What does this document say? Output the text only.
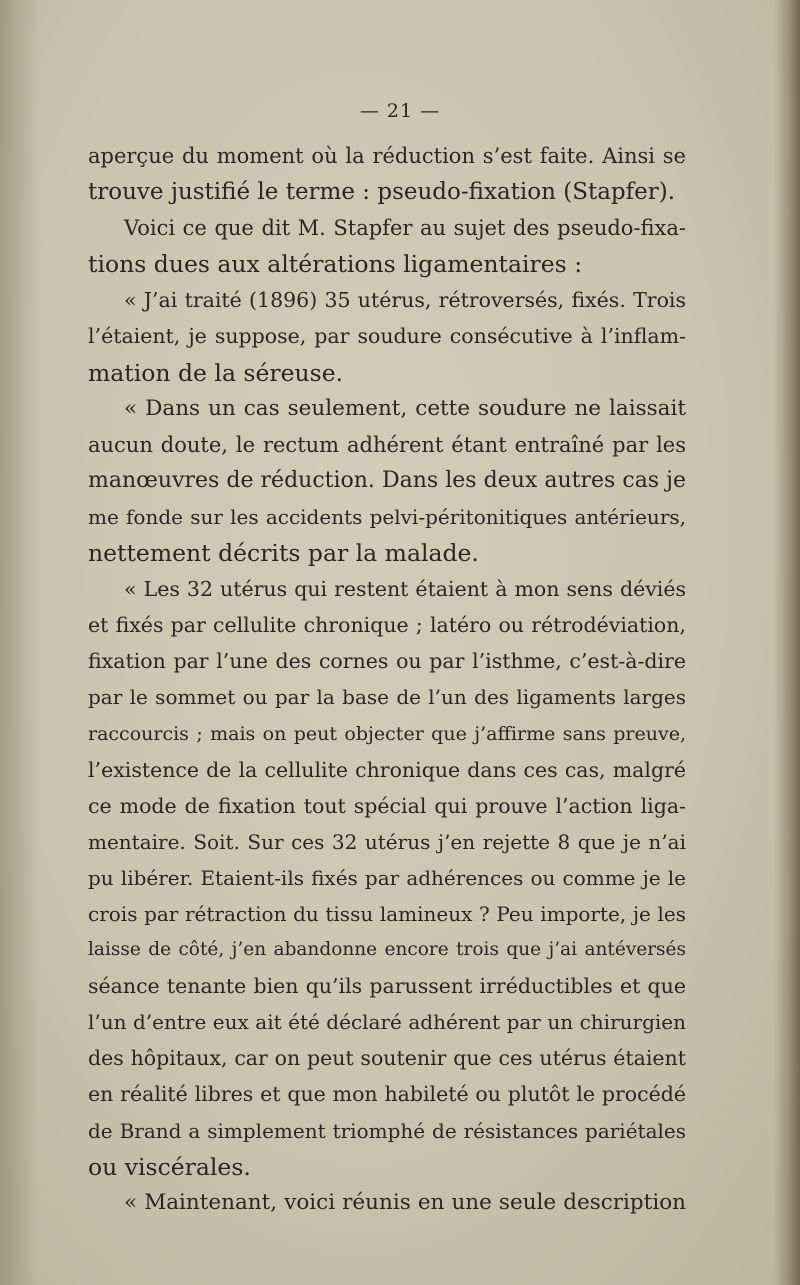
— 21 —
aperçue du moment où la réduction s’est faite. Ainsi se
trouve justifié le terme : pseudo-fixation (Stapfer).
Voici ce que dit M. Stapfer au sujet des pseudo-fixa-
tions dues aux altérations ligamentaires :
« J’ai traité (1896) 35 utérus, rétroversés, fixés. Trois
l’étaient, je suppose, par soudure consécutive à l’inflam-
mation de la séreuse.
« Dans un cas seulement, cette soudure ne laissait
aucun doute, le rectum adhérent étant entraîné par les
manœuvres de réduction. Dans les deux autres cas je
me fonde sur les accidents pelvi-péritonitiques antérieurs,
nettement décrits par la malade.
« Les 32 utérus qui restent étaient à mon sens déviés
et fixés par cellulite chronique ; latéro ou rétrodéviation,
fixation par l’une des cornes ou par l’isthme, c’est-à-dire
par le sommet ou par la base de l’un des ligaments larges
raccourcis ; mais on peut objecter que j’affirme sans preuve,
l’existence de la cellulite chronique dans ces cas, malgré
ce mode de fixation tout spécial qui prouve l’action liga-
mentaire. Soit. Sur ces 32 utérus j’en rejette 8 que je n’ai
pu libérer. Etaient-ils fixés par adhérences ou comme je le
crois par rétraction du tissu lamineux ? Peu importe, je les
laisse de côté, j’en abandonne encore trois que j’ai antéversés
séance tenante bien qu’ils parussent irréductibles et que
l’un d’entre eux ait été déclaré adhérent par un chirurgien
des hôpitaux, car on peut soutenir que ces utérus étaient
en réalité libres et que mon habileté ou plutôt le procédé
de Brand a simplement triomphé de résistances pariétales
ou viscérales.
« Maintenant, voici réunis en une seule description
